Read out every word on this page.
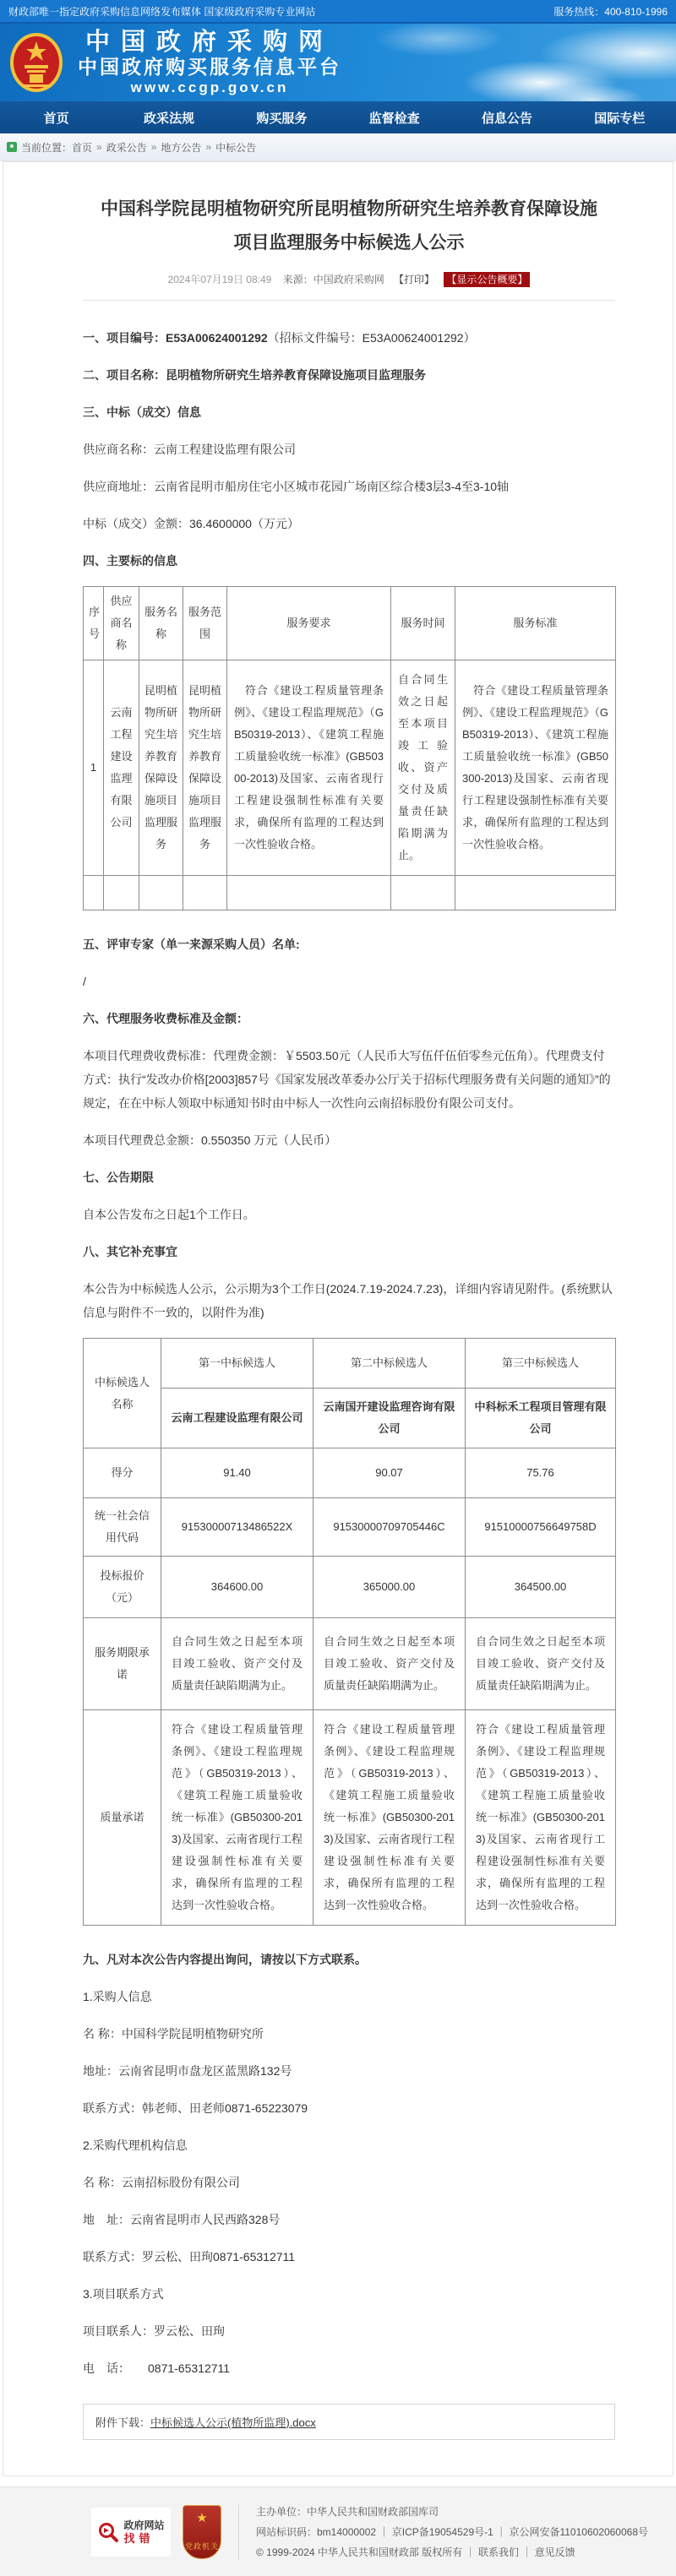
财政部唯一指定政府采购信息网络发布媒体 国家级政府采购专业网站	服务热线：400-810-1996
中国政府采购网
中国政府购买服务信息平台
www.ccgp.gov.cn
首页	政采法规	购买服务	监督检查	信息公告	国际专栏
当前位置： 首页 » 政采公告 » 地方公告 » 中标公告
中国科学院昆明植物研究所昆明植物所研究生培养教育保障设施项目监理服务中标候选人公示
2024年07月19日 08:49 来源：中国政府采购网 【打印】 【显示公告概要】

一、项目编号：E53A00624001292（招标文件编号：E53A00624001292）

二、项目名称：昆明植物所研究生培养教育保障设施项目监理服务

三、中标（成交）信息

供应商名称：云南工程建设监理有限公司

供应商地址：云南省昆明市船房住宅小区城市花园广场南区综合楼3层3-4至3-10轴

中标（成交）金额：36.4600000（万元）

四、主要标的信息

序号	供应商名称	服务名称	服务范围	服务要求	服务时间	服务标准
1	云南工程建设监理有限公司	昆明植物所研究生培养教育保障设施项目监理服务	昆明植物所研究生培养教育保障设施项目监理服务	符合《建设工程质量管理条例》、《建设工程监理规范》（GB50319-2013）、《建筑工程施工质量验收统一标准》(GB50300-2013)及国家、云南省现行工程建设强制性标准有关要求，确保所有监理的工程达到一次性验收合格。	自合同生效之日起至本项目竣工验收、资产交付及质量责任缺陷期满为止。	符合《建设工程质量管理条例》、《建设工程监理规范》（GB50319-2013）、《建筑工程施工质量验收统一标准》(GB50300-2013)及国家、云南省现行工程建设强制性标准有关要求，确保所有监理的工程达到一次性验收合格。

五、评审专家（单一来源采购人员）名单:

/

六、代理服务收费标准及金额：

本项目代理费收费标准：代理费金额：￥5503.50元（人民币大写伍仟伍佰零叁元伍角）。代理费支付方式：执行“发改办价格[2003]857号《国家发展改革委办公厅关于招标代理服务费有关问题的通知》”的规定，在在中标人领取中标通知书时由中标人一次性向云南招标股份有限公司支付。

本项目代理费总金额：0.550350 万元（人民币）

七、公告期限

自本公告发布之日起1个工作日。

八、其它补充事宜

本公告为中标候选人公示，公示期为3个工作日(2024.7.19-2024.7.23)，详细内容请见附件。(系统默认信息与附件不一致的，以附件为准)

中标候选人名称	第一中标候选人	第二中标候选人	第三中标候选人
	云南工程建设监理有限公司	云南国开建设监理咨询有限公司	中科标禾工程项目管理有限公司
得分	91.40	90.07	75.76
统一社会信用代码	91530000713486522X	91530000709705446C	91510000756649758D
投标报价（元）	364600.00	365000.00	364500.00
服务期限承诺	自合同生效之日起至本项目竣工验收、资产交付及质量责任缺陷期满为止。	自合同生效之日起至本项目竣工验收、资产交付及质量责任缺陷期满为止。	自合同生效之日起至本项目竣工验收、资产交付及质量责任缺陷期满为止。
质量承诺	符合《建设工程质量管理条例》、《建设工程监理规范》（GB50319-2013）、《建筑工程施工质量验收统一标准》(GB50300-2013)及国家、云南省现行工程建设强制性标准有关要求，确保所有监理的工程达到一次性验收合格。	符合《建设工程质量管理条例》、《建设工程监理规范》（GB50319-2013）、《建筑工程施工质量验收统一标准》(GB50300-2013)及国家、云南省现行工程建设强制性标准有关要求，确保所有监理的工程达到一次性验收合格。	符合《建设工程质量管理条例》、《建设工程监理规范》（GB50319-2013）、《建筑工程施工质量验收统一标准》(GB50300-2013)及国家、云南省现行工程建设强制性标准有关要求，确保所有监理的工程达到一次性验收合格。

九、凡对本次公告内容提出询问，请按以下方式联系。

1.采购人信息

名 称：中国科学院昆明植物研究所

地址：云南省昆明市盘龙区蓝黑路132号

联系方式：韩老师、田老师0871-65223079

2.采购代理机构信息

名 称：云南招标股份有限公司

地　址：云南省昆明市人民西路328号

联系方式：罗云松、田珣0871-65312711

3.项目联系方式

项目联系人：罗云松、田珣

电　话：　　0871-65312711

附件下载：中标候选人公示(植物所监理).docx
政府网站
找错
★
党政机关
主办单位：中华人民共和国财政部国库司
网站标识码：bm14000002 ｜ 京ICP备19054529号-1 ｜ 京公网安备11010602060068号
© 1999-2024 中华人民共和国财政部 版权所有 ｜ 联系我们 ｜ 意见反馈
